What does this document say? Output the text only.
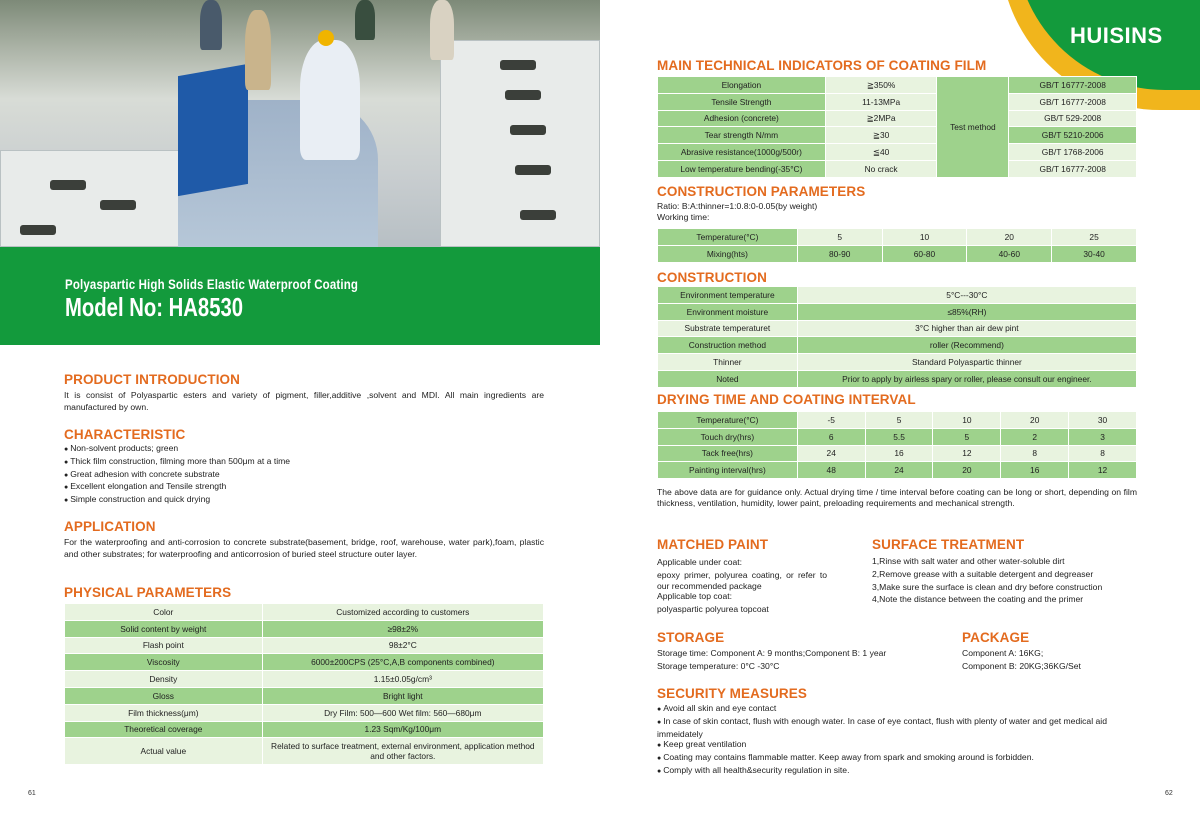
Polyaspartic High Solids Elastic Waterproof Coating
Model No: HA8530
HUISINS
PRODUCT INTRODUCTION
It is consist of Polyaspartic esters and variety of pigment, filler,additive ,solvent and MDI. All main ingredients are manufactured by own.
CHARACTERISTIC
● Non-solvent products; green
● Thick film construction, filming more than 500μm at a time
● Great adhesion with concrete substrate
● Excellent elongation and Tensile strength
● Simple construction and quick drying
APPLICATION
For the waterproofing and anti-corrosion to concrete substrate(basement, bridge, roof, warehouse, water park),foam, plastic and other substrates; for waterproofing and anticorrosion of buried steel structure outer layer.
PHYSICAL PARAMETERS
Color	Customized according to customers
Solid content by weight	≥98±2%
Flash point	98±2°C
Viscosity	6000±200CPS (25°C,A,B components combined)
Density	1.15±0.05g/cm³
Gloss	Bright light
Film thickness(μm)	Dry Film: 500—600 Wet film: 560—680μm
Theoretical coverage	1.23 Sqm/Kg/100μm
Actual value	Related to surface treatment, external environment, application method and other factors.
61
MAIN TECHNICAL INDICATORS OF COATING FILM
Elongation	≧350%	Test method	GB/T 16777-2008
Tensile Strength	11-13MPa		GB/T 16777-2008
Adhesion (concrete)	≧2MPa		GB/T 529-2008
Tear strength N/mm	≧30		GB/T 5210-2006
Abrasive resistance(1000g/500r)	≦40		GB/T 1768-2006
Low temperature bending(-35°C)	No crack		GB/T 16777-2008
CONSTRUCTION PARAMETERS
Ratio: B:A:thinner=1:0.8:0-0.05(by weight)
Working time:
Temperature(°C)	5	10	20	25
Mixing(hts)	80-90	60-80	40-60	30-40
CONSTRUCTION
Environment temperature	5°C---30°C
Environment moisture	≤85%(RH)
Substrate temperaturet	3°C higher than air dew pint
Construction method	roller (Recommend)
Thinner	Standard Polyaspartic thinner
Noted	Prior to apply by airless spary or roller, please consult our engineer.
DRYING TIME AND COATING INTERVAL
Temperature(°C)	-5	5	10	20	30
Touch dry(hrs)	6	5.5	5	2	3
Tack free(hrs)	24	16	12	8	8
Painting interval(hrs)	48	24	20	16	12
The above data are for guidance only. Actual drying time / time interval before coating can be long or short, depending on film thickness, ventilation, humidity, lower paint, preloading requirements and mechanical strength.
MATCHED PAINT
Applicable under coat:
epoxy primer, polyurea coating, or refer to our recommended package
Applicable top coat:
polyaspartic polyurea topcoat
SURFACE TREATMENT
1,Rinse with salt water and other water-soluble dirt
2,Remove grease with a suitable detergent and degreaser
3,Make sure the surface is clean and dry before construction
4,Note the distance between the coating and the primer
STORAGE
Storage time: Component A: 9 months;Component B: 1 year
Storage temperature: 0°C -30°C
PACKAGE
Component A: 16KG;
Component B: 20KG;36KG/Set
SECURITY MEASURES
● Avoid all skin and eye contact
● In case of skin contact, flush with enough water. In case of eye contact, flush with plenty of water and get medical aid immeidately
● Keep great ventilation
● Coating may contains flammable matter. Keep away from spark and smoking around is forbidden.
● Comply with all health&security regulation in site.
62
